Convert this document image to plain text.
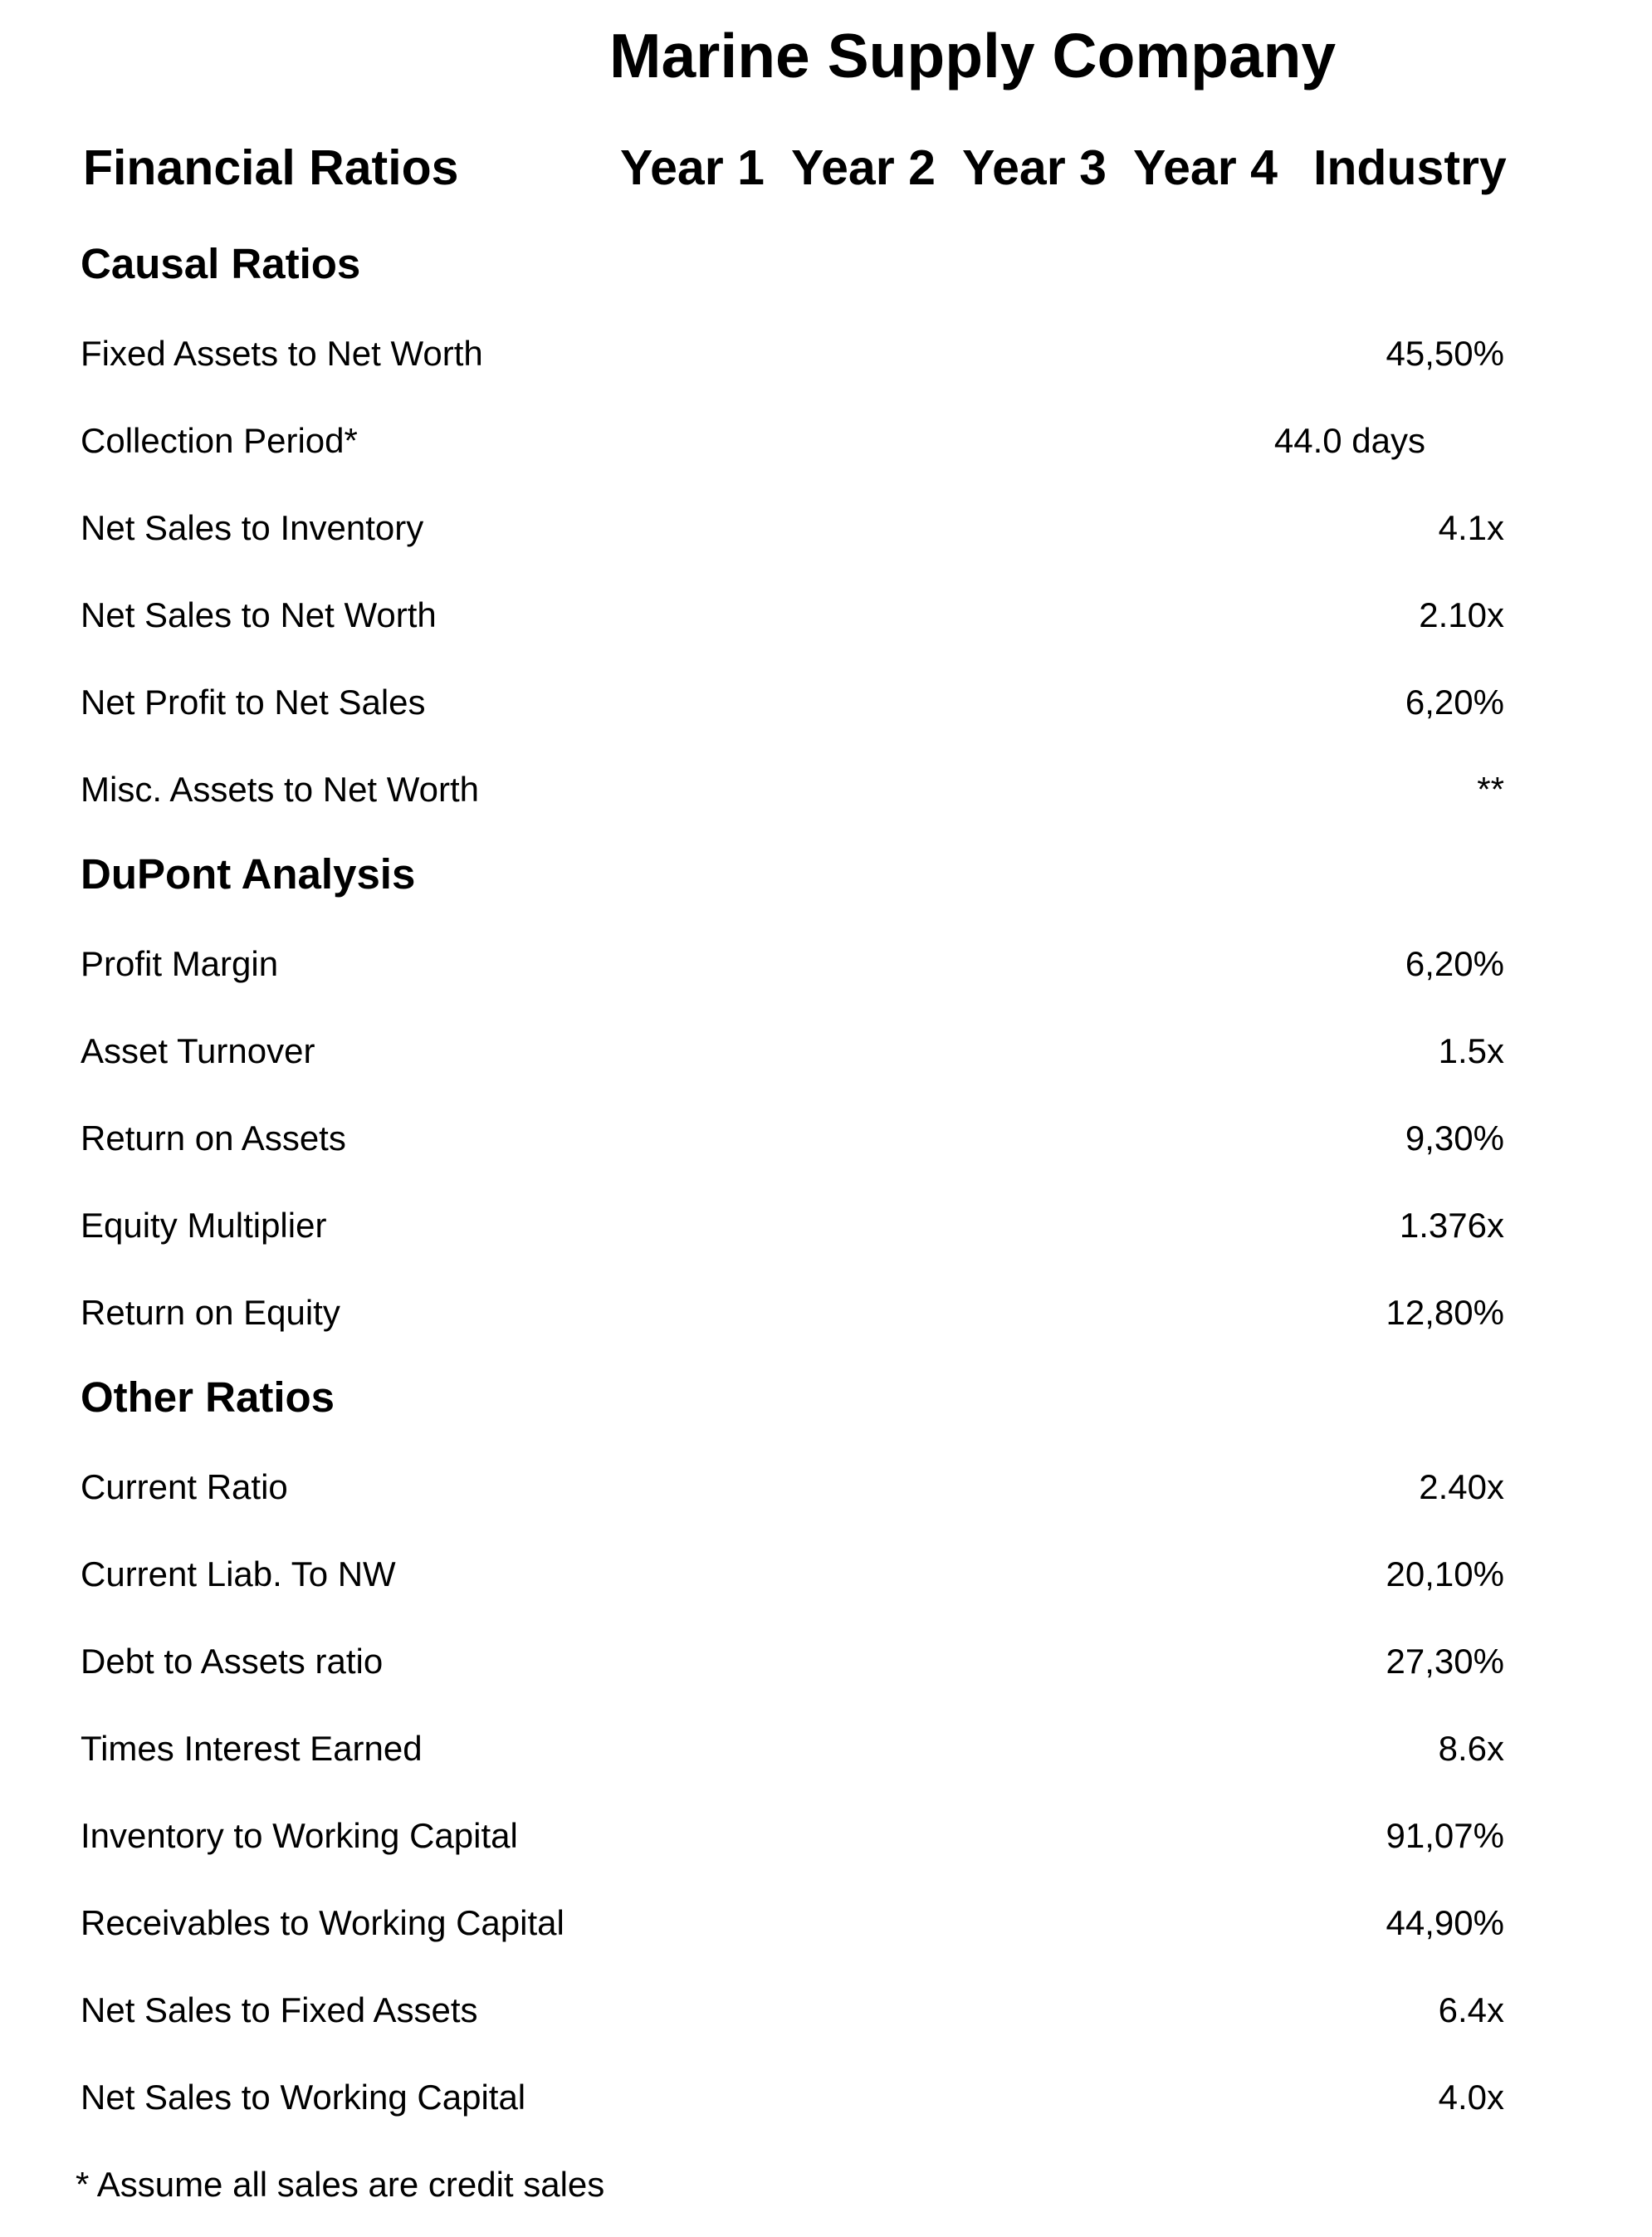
Marine Supply Company
Financial Ratios	Year 1 Year 2 Year 3 Year 4 Industry
Causal Ratios
Fixed Assets to Net Worth	45,50%
Collection Period*	44.0 days
Net Sales to Inventory	4.1x
Net Sales to Net Worth	2.10x
Net Profit to Net Sales	6,20%
Misc. Assets to Net Worth	**
DuPont Analysis
Profit Margin	6,20%
Asset Turnover	1.5x
Return on Assets	9,30%
Equity Multiplier	1.376x
Return on Equity	12,80%
Other Ratios
Current Ratio	2.40x
Current Liab. To NW	20,10%
Debt to Assets ratio	27,30%
Times Interest Earned	8.6x
Inventory to Working Capital	91,07%
Receivables to Working Capital	44,90%
Net Sales to Fixed Assets	6.4x
Net Sales to Working Capital	4.0x
* Assume all sales are credit sales
